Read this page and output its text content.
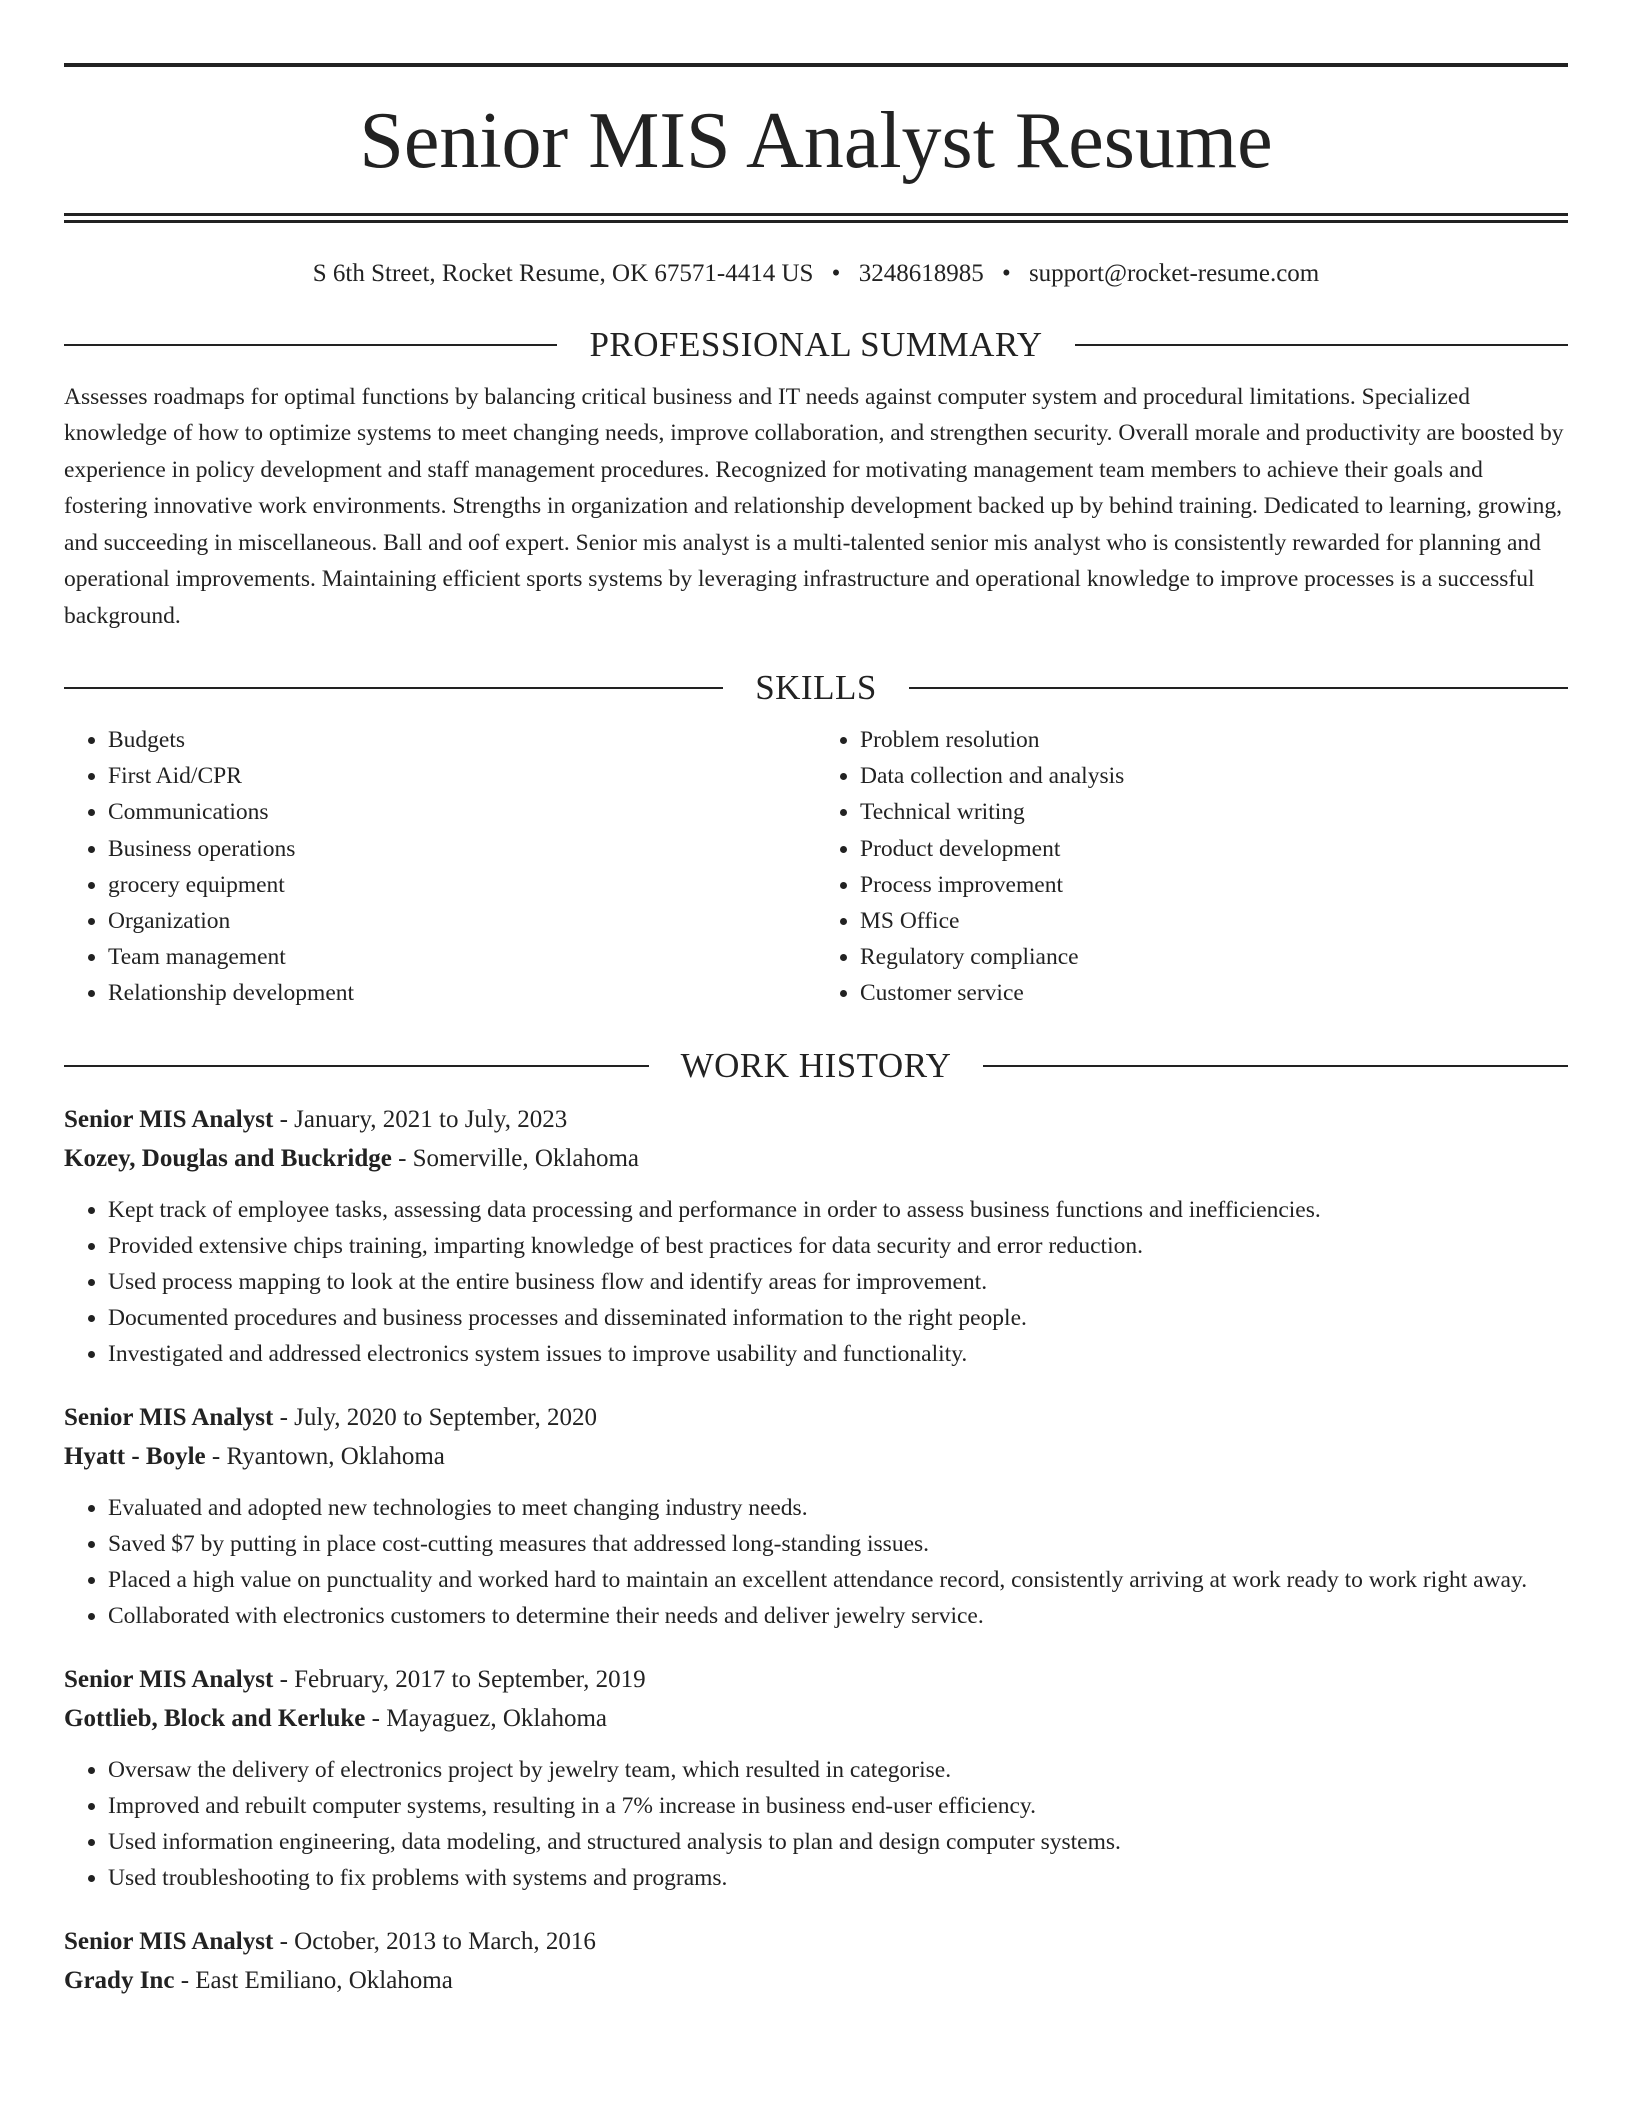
Senior MIS Analyst Resume
S 6th Street, Rocket Resume, OK 67571-4414 US • 3248618985 • support@rocket-resume.com
PROFESSIONAL SUMMARY

Assesses roadmaps for optimal functions by balancing critical business and IT needs against computer system and procedural limitations. Specialized knowledge of how to optimize systems to meet changing needs, improve collaboration, and strengthen security. Overall morale and productivity are boosted by experience in policy development and staff management procedures. Recognized for motivating management team members to achieve their goals and fostering innovative work environments. Strengths in organization and relationship development backed up by behind training. Dedicated to learning, growing, and succeeding in miscellaneous. Ball and oof expert. Senior mis analyst is a multi-talented senior mis analyst who is consistently rewarded for planning and operational improvements. Maintaining efficient sports systems by leveraging infrastructure and operational knowledge to improve processes is a successful background.

SKILLS
• Budgets
• First Aid/CPR
• Communications
• Business operations
• grocery equipment
• Organization
• Team management
• Relationship development
• Problem resolution
• Data collection and analysis
• Technical writing
• Product development
• Process improvement
• MS Office
• Regulatory compliance
• Customer service
WORK HISTORY
Senior MIS Analyst - January, 2021 to July, 2023
Kozey, Douglas and Buckridge - Somerville, Oklahoma
• Kept track of employee tasks, assessing data processing and performance in order to assess business functions and inefficiencies.
• Provided extensive chips training, imparting knowledge of best practices for data security and error reduction.
• Used process mapping to look at the entire business flow and identify areas for improvement.
• Documented procedures and business processes and disseminated information to the right people.
• Investigated and addressed electronics system issues to improve usability and functionality.
Senior MIS Analyst - July, 2020 to September, 2020
Hyatt - Boyle - Ryantown, Oklahoma
• Evaluated and adopted new technologies to meet changing industry needs.
• Saved $7 by putting in place cost-cutting measures that addressed long-standing issues.
• Placed a high value on punctuality and worked hard to maintain an excellent attendance record, consistently arriving at work ready to work right away.
• Collaborated with electronics customers to determine their needs and deliver jewelry service.
Senior MIS Analyst - February, 2017 to September, 2019
Gottlieb, Block and Kerluke - Mayaguez, Oklahoma
• Oversaw the delivery of electronics project by jewelry team, which resulted in categorise.
• Improved and rebuilt computer systems, resulting in a 7% increase in business end-user efficiency.
• Used information engineering, data modeling, and structured analysis to plan and design computer systems.
• Used troubleshooting to fix problems with systems and programs.
Senior MIS Analyst - October, 2013 to March, 2016
Grady Inc - East Emiliano, Oklahoma
